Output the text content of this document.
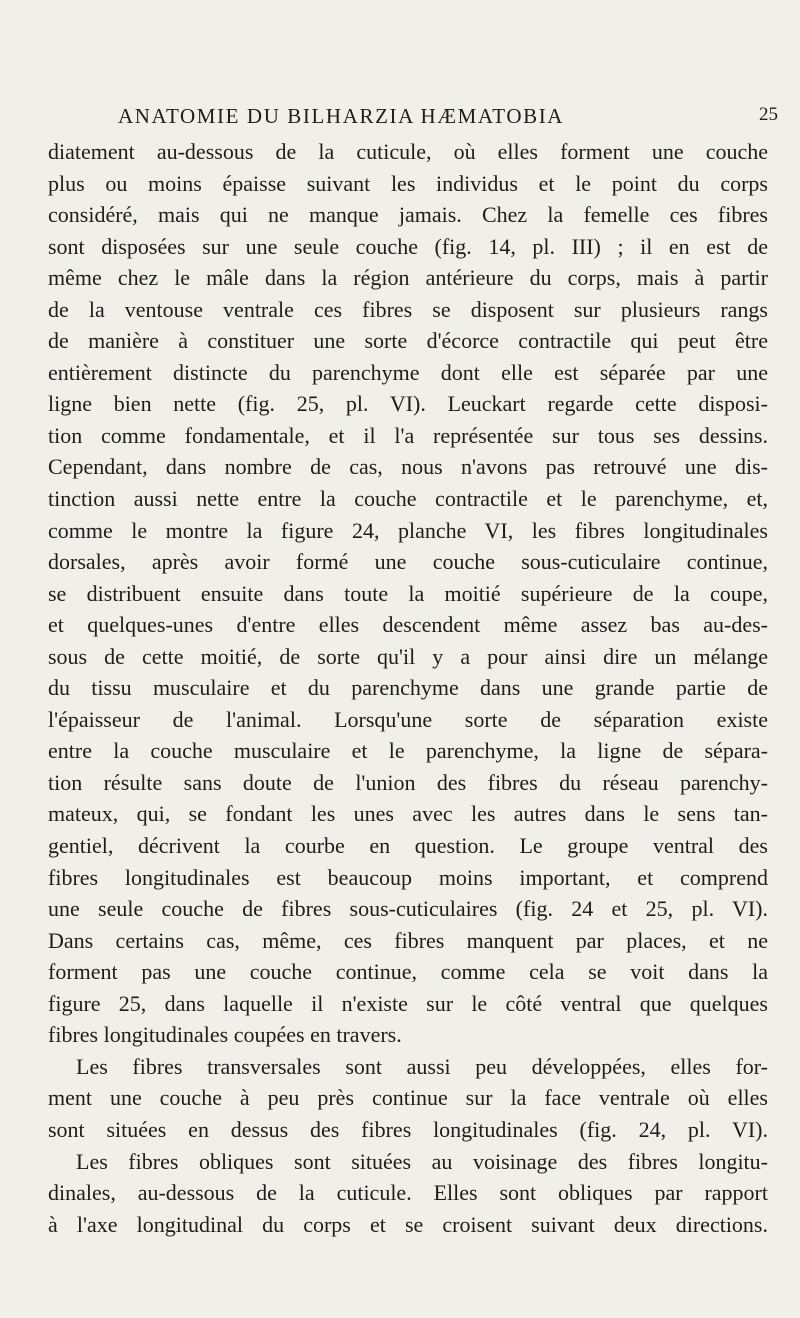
ANATOMIE DU BILHARZIA HÆMATOBIA	25
diatement au-dessous de la cuticule, où elles forment une couche
plus ou moins épaisse suivant les individus et le point du corps
considéré, mais qui ne manque jamais. Chez la femelle ces fibres
sont disposées sur une seule couche (fig. 14, pl. III) ; il en est de
même chez le mâle dans la région antérieure du corps, mais à partir
de la ventouse ventrale ces fibres se disposent sur plusieurs rangs
de manière à constituer une sorte d'écorce contractile qui peut être
entièrement distincte du parenchyme dont elle est séparée par une
ligne bien nette (fig. 25, pl. VI). Leuckart regarde cette disposi-
tion comme fondamentale, et il l'a représentée sur tous ses dessins.
Cependant, dans nombre de cas, nous n'avons pas retrouvé une dis-
tinction aussi nette entre la couche contractile et le parenchyme, et,
comme le montre la figure 24, planche VI, les fibres longitudinales
dorsales, après avoir formé une couche sous-cuticulaire continue,
se distribuent ensuite dans toute la moitié supérieure de la coupe,
et quelques-unes d'entre elles descendent même assez bas au-des-
sous de cette moitié, de sorte qu'il y a pour ainsi dire un mélange
du tissu musculaire et du parenchyme dans une grande partie de
l'épaisseur de l'animal. Lorsqu'une sorte de séparation existe
entre la couche musculaire et le parenchyme, la ligne de sépara-
tion résulte sans doute de l'union des fibres du réseau parenchy-
mateux, qui, se fondant les unes avec les autres dans le sens tan-
gentiel, décrivent la courbe en question. Le groupe ventral des
fibres longitudinales est beaucoup moins important, et comprend
une seule couche de fibres sous-cuticulaires (fig. 24 et 25, pl. VI).
Dans certains cas, même, ces fibres manquent par places, et ne
forment pas une couche continue, comme cela se voit dans la
figure 25, dans laquelle il n'existe sur le côté ventral que quelques
fibres longitudinales coupées en travers.
Les fibres transversales sont aussi peu développées, elles for-
ment une couche à peu près continue sur la face ventrale où elles
sont situées en dessus des fibres longitudinales (fig. 24, pl. VI).
Les fibres obliques sont situées au voisinage des fibres longitu-
dinales, au-dessous de la cuticule. Elles sont obliques par rapport
à l'axe longitudinal du corps et se croisent suivant deux directions.
